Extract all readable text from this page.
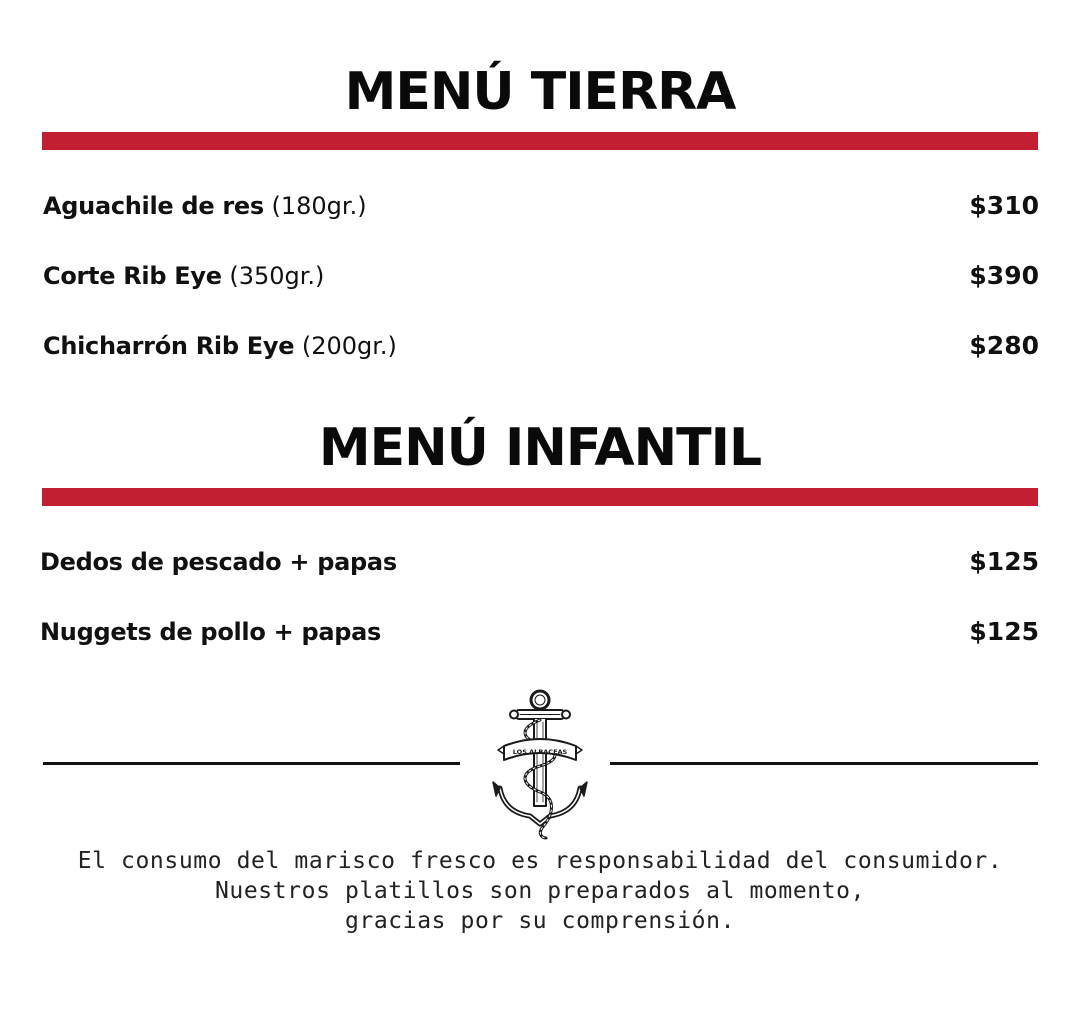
MENÚ TIERRA
Aguachile de res (180gr.)	$310
Corte Rib Eye (350gr.)	$390
Chicharrón Rib Eye (200gr.)	$280
MENÚ INFANTIL
Dedos de pescado + papas	$125
Nuggets de pollo + papas	$125
LOS ALBACEAS
El consumo del marisco fresco es responsabilidad del consumidor.
Nuestros platillos son preparados al momento,
gracias por su comprensión.
